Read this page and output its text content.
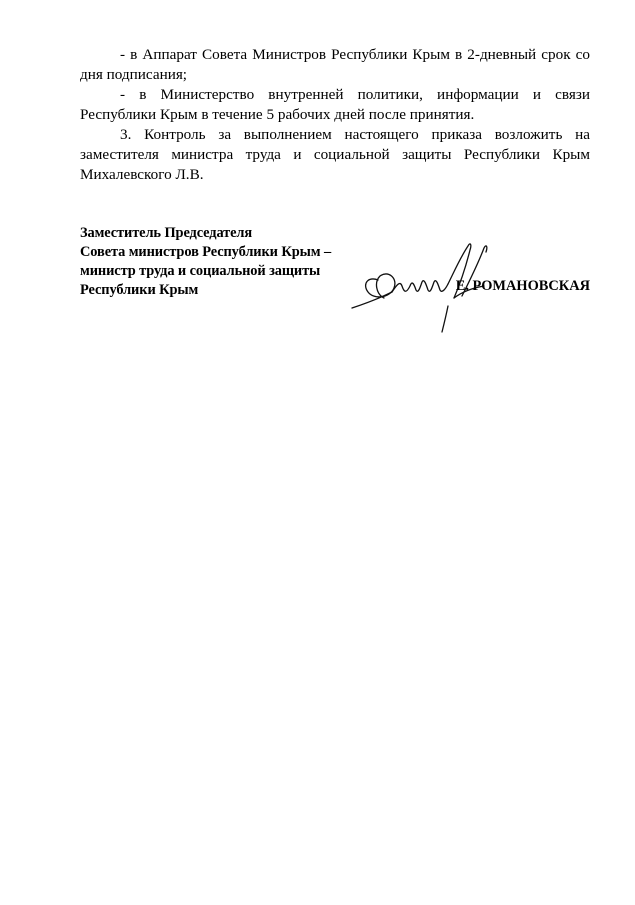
- в Аппарат Совета Министров Республики Крым в 2-дневный срок со дня подписания;

- в Министерство внутренней политики, информации и связи Республики Крым в течение 5 рабочих дней после принятия.

3. Контроль за выполнением настоящего приказа возложить на заместителя министра труда и социальной защиты Республики Крым Михалевского Л.В.

Заместитель Председателя
Совета министров Республики Крым –
министр труда и социальной защиты
Республики Крым	Е. РОМАНОВСКАЯ
